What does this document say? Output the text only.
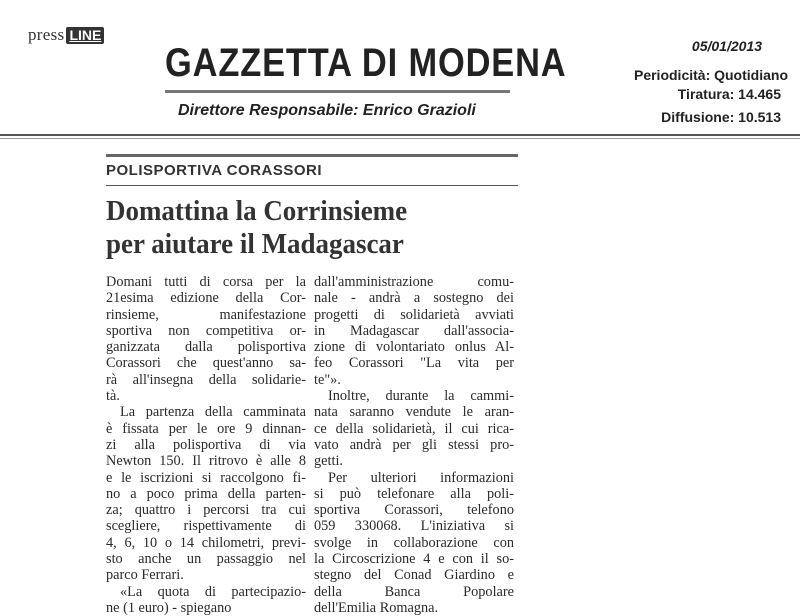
press LINE
GAZZETTA DI MODENA
Direttore Responsabile: Enrico Grazioli
05/01/2013
Periodicità: Quotidiano
Tiratura: 14.465
Diffusione: 10.513
POLISPORTIVA CORASSORI
Domattina la Corrinsieme
per aiutare il Madagascar
Domani tutti di corsa per la
21esima edizione della Cor-
rinsieme, manifestazione
sportiva non competitiva or-
ganizzata dalla polisportiva
Corassori che quest'anno sa-
rà all'insegna della solidarie-
tà.
La partenza della camminata
è fissata per le ore 9 dinnan-
zi alla polisportiva di via
Newton 150. Il ritrovo è alle 8
e le iscrizioni si raccolgono fi-
no a poco prima della parten-
za; quattro i percorsi tra cui
scegliere, rispettivamente di
4, 6, 10 o 14 chilometri, previ-
sto anche un passaggio nel
parco Ferrari.
«La quota di partecipazio-
ne (1 euro) - spiegano
dall'amministrazione comu-
nale - andrà a sostegno dei
progetti di solidarietà avviati
in Madagascar dall'associa-
zione di volontariato onlus Al-
feo Corassori "La vita per
te"».
Inoltre, durante la cammi-
nata saranno vendute le aran-
ce della solidarietà, il cui rica-
vato andrà per gli stessi pro-
getti.
Per ulteriori informazioni
si può telefonare alla poli-
sportiva Corassori, telefono
059 330068. L'iniziativa si
svolge in collaborazione con
la Circoscrizione 4 e con il so-
stegno del Conad Giardino e
della Banca Popolare
dell'Emilia Romagna.
